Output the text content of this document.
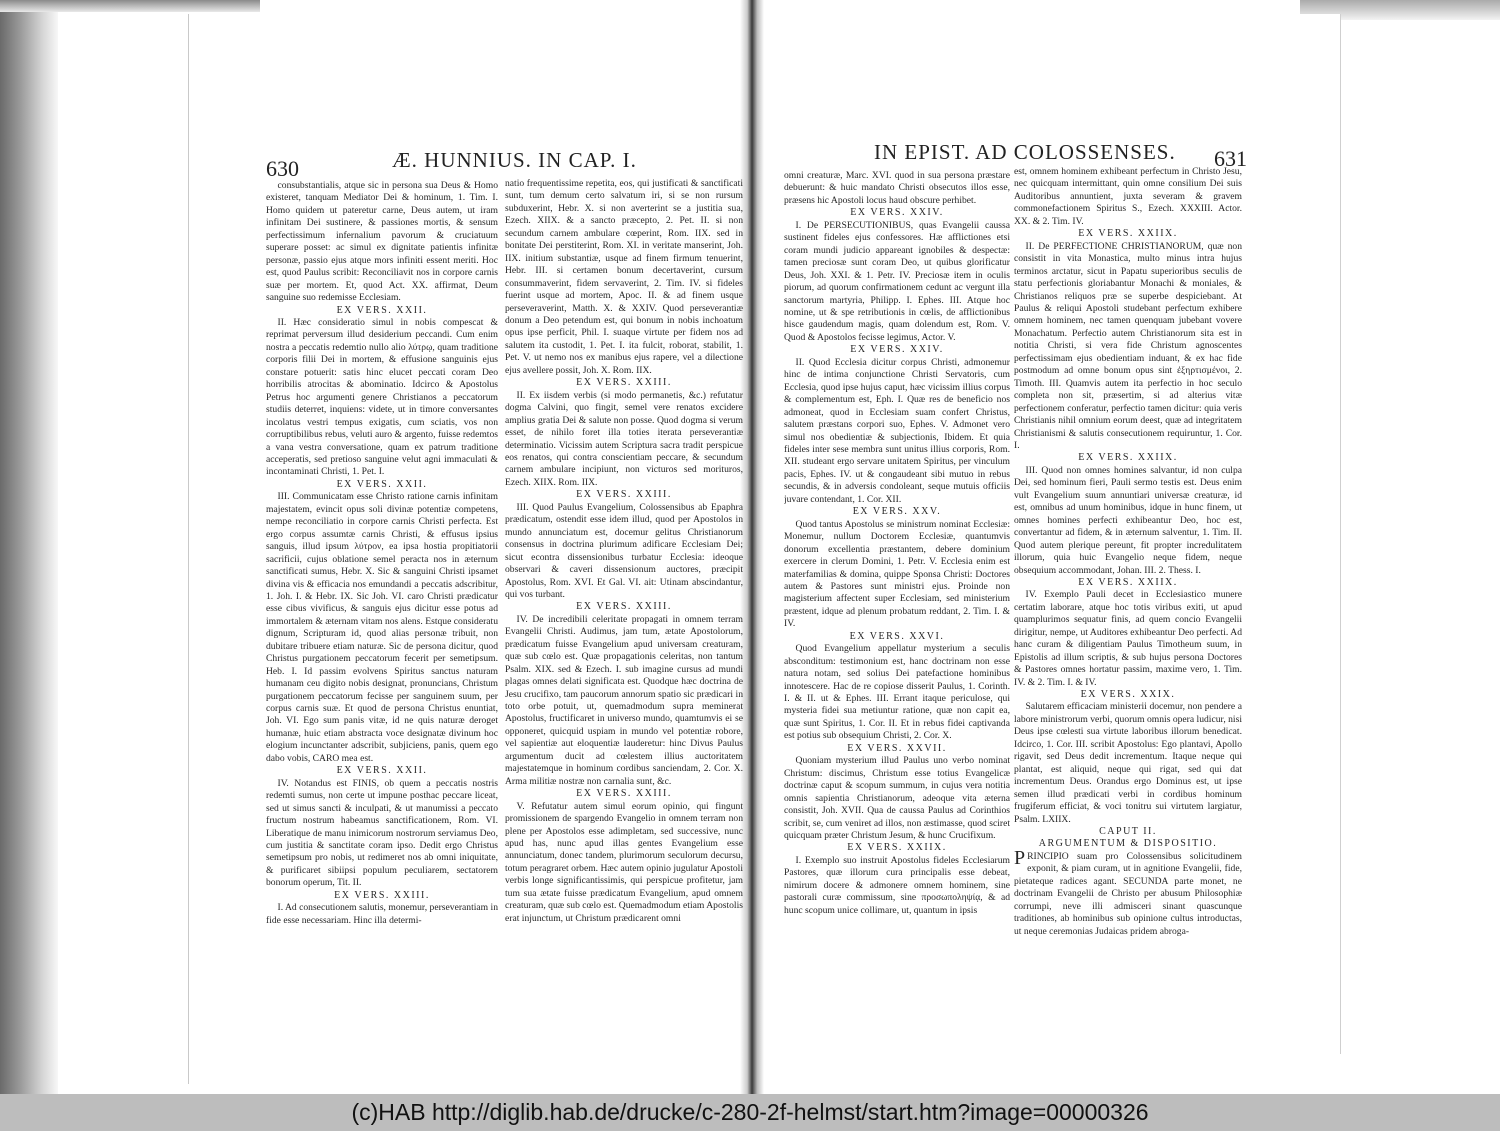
630	Æ. HUNNIUS. IN CAP. I.	IN EPIST. AD COLOSSENSES. 631

consubstantialis, atque sic in persona sua Deus & Homo existeret, tanquam Mediator Dei & hominum, 1. Tim. I. Homo quidem ut pateretur carne, Deus autem, ut iram infinitam Dei sustinere, & passiones mortis, & sensum perfectissimum infernalium pavorum & cruciatuum superare posset: ac simul ex dignitate patientis infinitæ personæ, passio ejus atque mors infiniti essent meriti. Hoc est, quod Paulus scribit: Reconciliavit nos in corpore carnis suæ per mortem. Et, quod Act. XX. affirmat, Deum sanguine suo redemisse Ecclesiam.

EX VERS. XXII.

II. Hæc consideratio simul in nobis compescat & reprimat perversum illud desiderium peccandi. Cum enim nostra a peccatis redemtio nullo alio λύτρῳ, quam traditione corporis filii Dei in mortem, & effusione sanguinis ejus constare potuerit: satis hinc elucet peccati coram Deo horribilis atrocitas & abominatio. Idcirco & Apostolus Petrus hoc argumenti genere Christianos a peccatorum studiis deterret, inquiens: videte, ut in timore conversantes incolatus vestri tempus exigatis, cum sciatis, vos non corruptibilibus rebus, veluti auro & argento, fuisse redemtos a vana vestra conversatione, quam ex patrum traditione acceperatis, sed pretioso sanguine velut agni immaculati & incontaminati Christi, 1. Pet. I.

EX VERS. XXII.

III. Communicatam esse Christo ratione carnis infinitam majestatem, evincit opus soli divinæ potentiæ competens, nempe reconciliatio in corpore carnis Christi perfecta. Est ergo corpus assumtæ carnis Christi, & effusus ipsius sanguis, illud ipsum λύτρον, ea ipsa hostia propitiatorii sacrificii, cujus oblatione semel peracta nos in æternum sanctificati sumus, Hebr. X. Sic & sanguini Christi ipsamet divina vis & efficacia nos emundandi a peccatis adscribitur, 1. Joh. I. & Hebr. IX. Sic Joh. VI. caro Christi prædicatur esse cibus vivificus, & sanguis ejus dicitur esse potus ad immortalem & æternam vitam nos alens. Estque consideratu dignum, Scripturam id, quod alias personæ tribuit, non dubitare tribuere etiam naturæ. Sic de persona dicitur, quod Christus purgationem peccatorum fecerit per semetipsum. Heb. I. Id passim evolvens Spiritus sanctus naturam humanam ceu digito nobis designat, pronuncians, Christum purgationem peccatorum fecisse per sanguinem suum, per corpus carnis suæ. Et quod de persona Christus enuntiat, Joh. VI. Ego sum panis vitæ, id ne quis naturæ deroget humanæ, huic etiam abstracta voce designatæ divinum hoc elogium incunctanter adscribit, subjiciens, panis, quem ego dabo vobis, CARO mea est.

EX VERS. XXII.

IV. Notandus est FINIS, ob quem a peccatis nostris redemti sumus, non certe ut impune posthac peccare liceat, sed ut simus sancti & inculpati, & ut manumissi a peccato fructum nostrum habeamus sanctificationem, Rom. VI. Liberatique de manu inimicorum nostrorum serviamus Deo, cum justitia & sanctitate coram ipso. Dedit ergo Christus semetipsum pro nobis, ut redimeret nos ab omni iniquitate, & purificaret sibiipsi populum peculiarem, sectatorem bonorum operum, Tit. II.

EX VERS. XXIII.

I. Ad consecutionem salutis, monemur, perseverantiam in fide esse necessariam. Hinc illa determi-

natio frequentissime repetita, eos, qui justificati & sanctificati sunt, tum demum certo salvatum iri, si se non rursum subduxerint, Hebr. X. si non averterint se a justitia sua, Ezech. XIIX. & a sancto præcepto, 2. Pet. II. si non secundum carnem ambulare cœperint, Rom. IIX. sed in bonitate Dei perstiterint, Rom. XI. in veritate manserint, Joh. IIX. initium substantiæ, usque ad finem firmum tenuerint, Hebr. III. si certamen bonum decertaverint, cursum consummaverint, fidem servaverint, 2. Tim. IV. si fideles fuerint usque ad mortem, Apoc. II. & ad finem usque perseveraverint, Matth. X. & XXIV. Quod perseverantiæ donum a Deo petendum est, qui bonum in nobis inchoatum opus ipse perficit, Phil. I. suaque virtute per fidem nos ad salutem ita custodit, 1. Pet. I. ita fulcit, roborat, stabilit, 1. Pet. V. ut nemo nos ex manibus ejus rapere, vel a dilectione ejus avellere possit, Joh. X. Rom. IIX.

EX VERS. XXIII.

II. Ex iisdem verbis (si modo permanetis, &c.) refutatur dogma Calvini, quo fingit, semel vere renatos excidere amplius gratia Dei & salute non posse. Quod dogma si verum esset, de nihilo foret illa toties iterata perseverantiæ determinatio. Vicissim autem Scriptura sacra tradit perspicue eos renatos, qui contra conscientiam peccare, & secundum carnem ambulare incipiunt, non victuros sed morituros, Ezech. XIIX. Rom. IIX.

EX VERS. XXIII.

III. Quod Paulus Evangelium, Colossensibus ab Epaphra prædicatum, ostendit esse idem illud, quod per Apostolos in mundo annunciatum est, docemur gelitus Christianorum consensus in doctrina plurimum adificare Ecclesiam Dei; sicut econtra dissensionibus turbatur Ecclesia: ideoque observari & caveri dissensionum auctores, præcipit Apostolus, Rom. XVI. Et Gal. VI. ait: Utinam abscindantur, qui vos turbant.

EX VERS. XXIII.

IV. De incredibili celeritate propagati in omnem terram Evangelii Christi. Audimus, jam tum, ætate Apostolorum, prædicatum fuisse Evangelium apud universam creaturam, quæ sub cœlo est. Quæ propagationis celeritas, non tantum Psalm. XIX. sed & Ezech. I. sub imagine cursus ad mundi plagas omnes delati significata est. Quodque hæc doctrina de Jesu crucifixo, tam paucorum annorum spatio sic prædicari in toto orbe potuit, ut, quemadmodum supra meminerat Apostolus, fructificaret in universo mundo, quamtumvis ei se opponeret, quicquid uspiam in mundo vel potentiæ robore, vel sapientiæ aut eloquentiæ lauderetur: hinc Divus Paulus argumentum ducit ad cœlestem illius auctoritatem majestatemque in hominum cordibus sanciendam, 2. Cor. X. Arma militiæ nostræ non carnalia sunt, &c.

EX VERS. XXIII.

V. Refutatur autem simul eorum opinio, qui fingunt promissionem de spargendo Evangelio in omnem terram non plene per Apostolos esse adimpletam, sed successive, nunc apud has, nunc apud illas gentes Evangelium esse annunciatum, donec tandem, plurimorum seculorum decursu, totum peragraret orbem. Hæc autem opinio jugulatur Apostoli verbis longe significantissimis, qui perspicue profitetur, jam tum sua ætate fuisse prædicatum Evangelium, apud omnem creaturam, quæ sub cœlo est. Quemadmodum etiam Apostolis erat injunctum, ut Christum prædicarent omni

omni creaturæ, Marc. XVI. quod in sua persona præstare debuerunt: & huic mandato Christi obsecutos illos esse, præsens hic Apostoli locus haud obscure perhibet.

EX VERS. XXIV.

I. De PERSECUTIONIBUS, quas Evangelii caussa sustinent fideles ejus confessores. Hæ afflictiones etsi coram mundi judicio appareant ignobiles & despectæ: tamen preciosæ sunt coram Deo, ut quibus glorificatur Deus, Joh. XXI. & 1. Petr. IV. Preciosæ item in oculis piorum, ad quorum confirmationem cedunt ac vergunt illa sanctorum martyria, Philipp. I. Ephes. III. Atque hoc nomine, ut & spe retributionis in cœlis, de afflictionibus hisce gaudendum magis, quam dolendum est, Rom. V. Quod & Apostolos fecisse legimus, Actor. V.

EX VERS. XXIV.

II. Quod Ecclesia dicitur corpus Christi, admonemur hinc de intima conjunctione Christi Servatoris, cum Ecclesia, quod ipse hujus caput, hæc vicissim illius corpus & complementum est, Eph. I. Quæ res de beneficio nos admoneat, quod in Ecclesiam suam confert Christus, salutem præstans corpori suo, Ephes. V. Admonet vero simul nos obedientiæ & subjectionis, Ibidem. Et quia fideles inter sese membra sunt unitus illius corporis, Rom. XII. studeant ergo servare unitatem Spiritus, per vinculum pacis, Ephes. IV. ut & congaudeant sibi mutuo in rebus secundis, & in adversis condoleant, seque mutuis officiis juvare contendant, 1. Cor. XII.

EX VERS. XXV.

Quod tantus Apostolus se ministrum nominat Ecclesiæ: Monemur, nullum Doctorem Ecclesiæ, quantumvis donorum excellentia præstantem, debere dominium exercere in clerum Domini, 1. Petr. V. Ecclesia enim est materfamilias & domina, quippe Sponsa Christi: Doctores autem & Pastores sunt ministri ejus. Proinde non magisterium affectent super Ecclesiam, sed ministerium præstent, idque ad plenum probatum reddant, 2. Tim. I. & IV.

EX VERS. XXVI.

Quod Evangelium appellatur mysterium a seculis absconditum: testimonium est, hanc doctrinam non esse natura notam, sed solius Dei patefactione hominibus innotescere. Hac de re copiose disserit Paulus, 1. Corinth. I. & II. ut & Ephes. III. Errant itaque periculose, qui mysteria fidei sua metiuntur ratione, quæ non capit ea, quæ sunt Spiritus, 1. Cor. II. Et in rebus fidei captivanda est potius sub obsequium Christi, 2. Cor. X.

EX VERS. XXVII.

Quoniam mysterium illud Paulus uno verbo nominat Christum: discimus, Christum esse totius Evangelicæ doctrinæ caput & scopum summum, in cujus vera notitia omnis sapientia Christianorum, adeoque vita æterna consistit, Joh. XVII. Qua de caussa Paulus ad Corinthios scribit, se, cum veniret ad illos, non æstimasse, quod sciret quicquam præter Christum Jesum, & hunc Crucifixum.

EX VERS. XXIIX.

I. Exemplo suo instruit Apostolus fideles Ecclesiarum Pastores, quæ illorum cura principalis esse debeat, nimirum docere & admonere omnem hominem, sine pastorali curæ commissum, sine προσωποληψίᾳ, & ad hunc scopum unice collimare, ut, quantum in ipsis

est, omnem hominem exhibeant perfectum in Christo Jesu, nec quicquam intermittant, quin omne consilium Dei suis Auditoribus annuntient, juxta severam & gravem commonefactionem Spiritus S., Ezech. XXXIII. Actor. XX. & 2. Tim. IV.

EX VERS. XXIIX.

II. De PERFECTIONE CHRISTIANORUM, quæ non consistit in vita Monastica, multo minus intra hujus terminos arctatur, sicut in Papatu superioribus seculis de statu perfectionis gloriabantur Monachi & moniales, & Christianos reliquos præ se superbe despiciebant. At Paulus & reliqui Apostoli studebant perfectum exhibere omnem hominem, nec tamen quenquam jubebant vovere Monachatum. Perfectio autem Christianorum sita est in notitia Christi, si vera fide Christum agnoscentes perfectissimam ejus obedientiam induant, & ex hac fide postmodum ad omne bonum opus sint ἐξηρτισμένοι, 2. Timoth. III. Quamvis autem ita perfectio in hoc seculo completa non sit, præsertim, si ad alterius vitæ perfectionem conferatur, perfectio tamen dicitur: quia veris Christianis nihil omnium eorum deest, quæ ad integritatem Christianismi & salutis consecutionem requiruntur, 1. Cor. I.

EX VERS. XXIIX.

III. Quod non omnes homines salvantur, id non culpa Dei, sed hominum fieri, Pauli sermo testis est. Deus enim vult Evangelium suum annuntiari universæ creaturæ, id est, omnibus ad unum hominibus, idque in hunc finem, ut omnes homines perfecti exhibeantur Deo, hoc est, convertantur ad fidem, & in æternum salventur, 1. Tim. II. Quod autem plerique pereunt, fit propter incredulitatem illorum, quia huic Evangelio neque fidem, neque obsequium accommodant, Johan. III. 2. Thess. I.

EX VERS. XXIIX.

IV. Exemplo Pauli decet in Ecclesiastico munere certatim laborare, atque hoc totis viribus exiti, ut apud quamplurimos sequatur finis, ad quem concio Evangelii dirigitur, nempe, ut Auditores exhibeantur Deo perfecti. Ad hanc curam & diligentiam Paulus Timotheum suum, in Epistolis ad illum scriptis, & sub hujus persona Doctores & Pastores omnes hortatur passim, maxime vero, 1. Tim. IV. & 2. Tim. I. & IV.

EX VERS. XXIX.

Salutarem efficaciam ministerii docemur, non pendere a labore ministrorum verbi, quorum omnis opera ludicur, nisi Deus ipse cœlesti sua virtute laboribus illorum benedicat. Idcirco, 1. Cor. III. scribit Apostolus: Ego plantavi, Apollo rigavit, sed Deus dedit incrementum. Itaque neque qui plantat, est aliquid, neque qui rigat, sed qui dat incrementum Deus. Orandus ergo Dominus est, ut ipse semen illud prædicati verbi in cordibus hominum frugiferum efficiat, & voci tonitru sui virtutem largiatur, Psalm. LXIIX.

CAPUT II.

ARGUMENTUM & DISPOSITIO.

PRINCIPIO suam pro Colossensibus solicitudinem exponit, & piam curam, ut in agnitione Evangelii, fide, pietateque radices agant. SECUNDA parte monet, ne doctrinam Evangelii de Christo per abusum Philosophiæ corrumpi, neve illi admisceri sinant quascunque traditiones, ab hominibus sub opinione cultus introductas, ut neque ceremonias Judaicas pridem abroga-

(c)HAB http://diglib.hab.de/drucke/c-280-2f-helmst/start.htm?image=00000326
